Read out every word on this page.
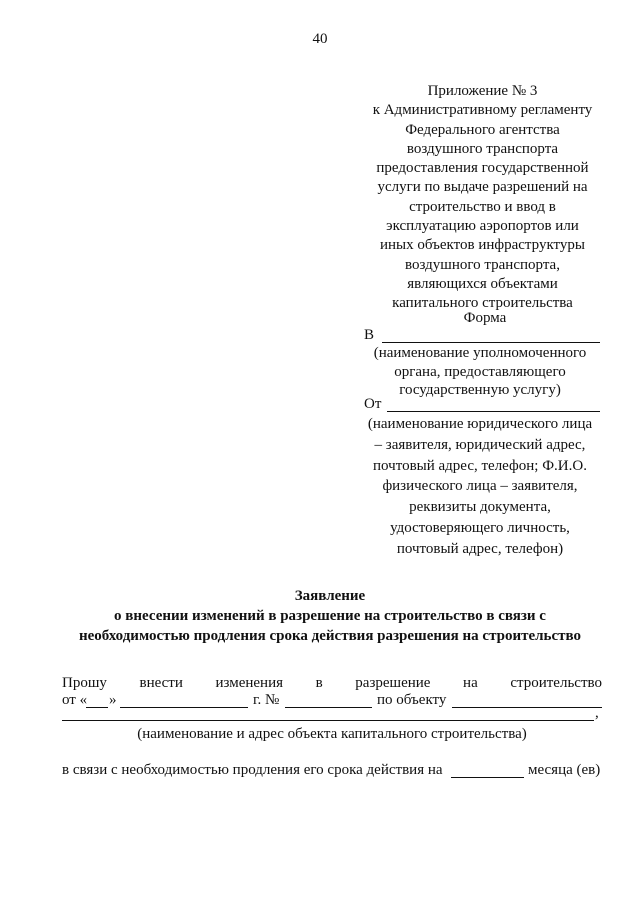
40
Приложение № 3
к Административному регламенту
Федерального агентства
воздушного транспорта
предоставления государственной
услуги по выдаче разрешений на
строительство и ввод в
эксплуатацию аэропортов или
иных объектов инфраструктуры
воздушного транспорта,
являющихся объектами
капитального строительства
Форма
В
(наименование уполномоченного
органа, предоставляющего
государственную услугу)
От
(наименование юридического лица
– заявителя, юридический адрес,
почтовый адрес, телефон; Ф.И.О.
физического лица – заявителя,
реквизиты документа,
удостоверяющего личность,
почтовый адрес, телефон)
Заявление
о внесении изменений в разрешение на строительство в связи с
необходимостью продления срока действия разрешения на строительство
Прошу внести изменения в разрешение на строительство
от « »	г. №	по объекту
,
(наименование и адрес объекта капитального строительства)
в связи с необходимостью продления его срока действия на	месяца (ев)
